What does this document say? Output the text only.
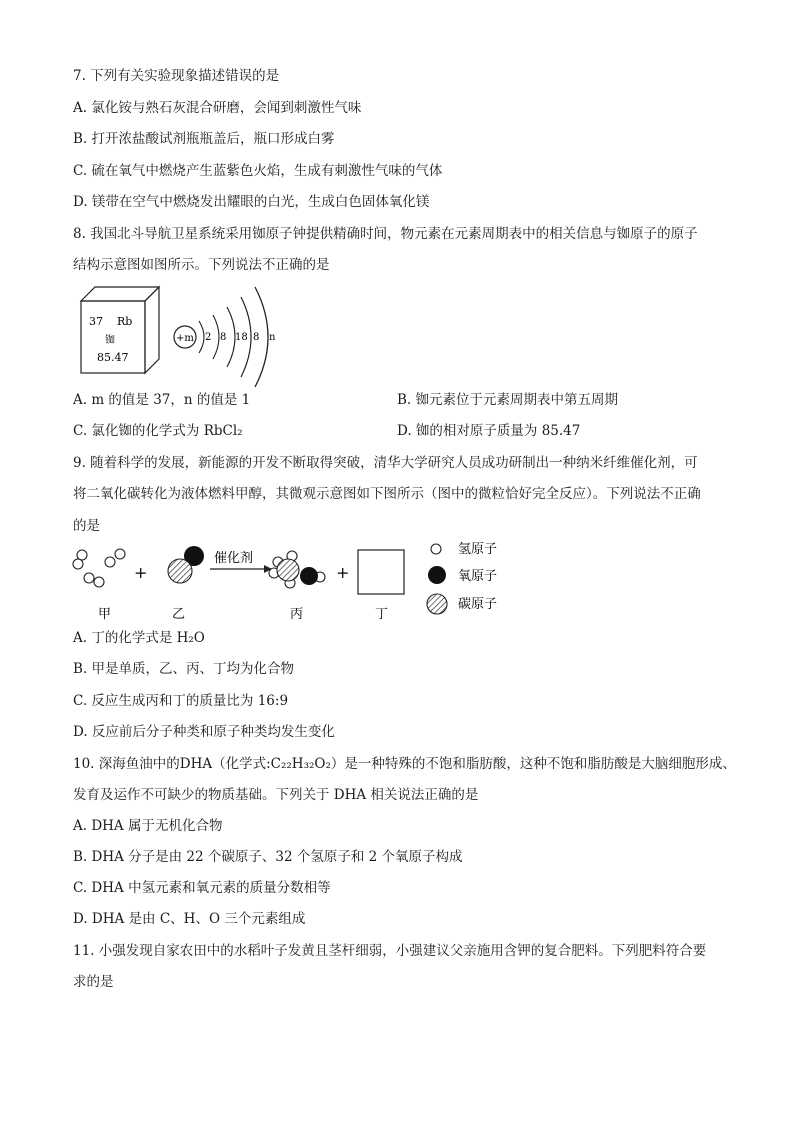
7. 下列有关实验现象描述错误的是
A. 氯化铵与熟石灰混合研磨，会闻到刺激性气味
B. 打开浓盐酸试剂瓶瓶盖后，瓶口形成白雾
C. 硫在氧气中燃烧产生蓝紫色火焰，生成有刺激性气味的气体
D. 镁带在空气中燃烧发出耀眼的白光，生成白色固体氧化镁
8. 我国北斗导航卫星系统采用铷原子钟提供精确时间，物元素在元素周期表中的相关信息与铷原子的原子
结构示意图如图所示。下列说法不正确的是
37 Rb
铷
85.47
+m 2 8 18 8 n
A. m 的值是 37，n 的值是 1	B. 铷元素位于元素周期表中第五周期
C. 氯化铷的化学式为 RbCl₂	D. 铷的相对原子质量为 85.47
9. 随着科学的发展，新能源的开发不断取得突破，清华大学研究人员成功研制出一种纳米纤维催化剂，可
将二氧化碳转化为液体燃料甲醇，其微观示意图如下图所示（图中的微粒恰好完全反应）。下列说法不正确
的是
+
催化剂
+
甲	乙	丙	丁
氢原子
氧原子
碳原子
A. 丁的化学式是 H₂O
B. 甲是单质，乙、丙、丁均为化合物
C. 反应生成丙和丁的质量比为 16:9
D. 反应前后分子种类和原子种类均发生变化
10. 深海鱼油中的DHA（化学式:C₂₂H₃₂O₂）是一种特殊的不饱和脂肪酸，这种不饱和脂肪酸是大脑细胞形成、
发育及运作不可缺少的物质基础。下列关于 DHA 相关说法正确的是
A. DHA 属于无机化合物
B. DHA 分子是由 22 个碳原子、32 个氢原子和 2 个氧原子构成
C. DHA 中氢元素和氧元素的质量分数相等
D. DHA 是由 C、H、O 三个元素组成
11. 小强发现自家农田中的水稻叶子发黄且茎杆细弱，小强建议父亲施用含钾的复合肥料。下列肥料符合要
求的是
